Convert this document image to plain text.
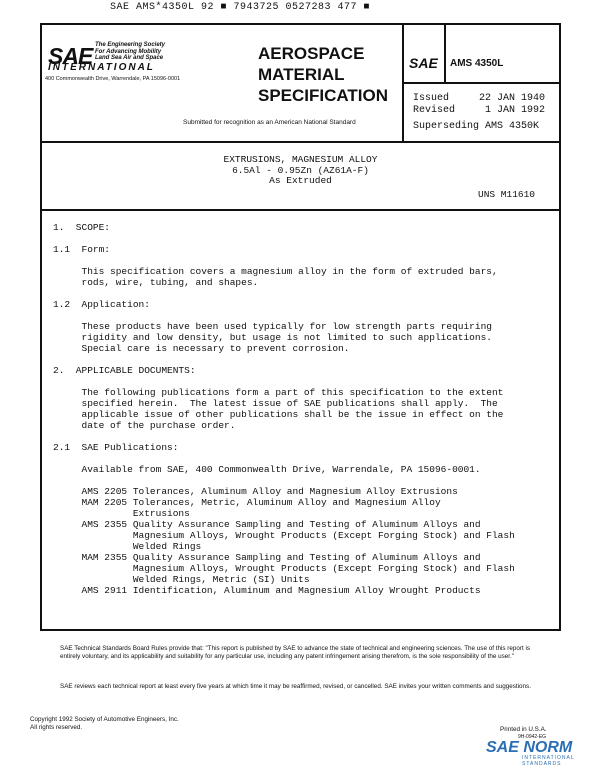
SAE AMS*4350L 92 ■ 7943725 0527283 477 ■
SAE The Engineering Society For Advancing Mobility Land Sea Air and Space
INTERNATIONAL
400 Commonwealth Drive, Warrendale, PA 15096-0001
AEROSPACE
MATERIAL
SPECIFICATION
Submitted for recognition as an American National Standard
SAE AMS 4350L
Issued     22 JAN 1940
Revised     1 JAN 1992
Superseding AMS 4350K
EXTRUSIONS, MAGNESIUM ALLOY
6.5Al - 0.95Zn (AZ61A-F)
As Extruded
UNS M11610

1.  SCOPE:

1.1  Form:

This specification covers a magnesium alloy in the form of extruded bars,

rods, wire, tubing, and shapes.

1.2  Application:

These products have been used typically for low strength parts requiring

rigidity and low density, but usage is not limited to such applications.

Special care is necessary to prevent corrosion.

2.  APPLICABLE DOCUMENTS:

The following publications form a part of this specification to the extent

specified herein.  The latest issue of SAE publications shall apply.  The

applicable issue of other publications shall be the issue in effect on the

date of the purchase order.

2.1  SAE Publications:

Available from SAE, 400 Commonwealth Drive, Warrendale, PA 15096-0001.

AMS 2205 Tolerances, Aluminum Alloy and Magnesium Alloy Extrusions

MAM 2205 Tolerances, Metric, Aluminum Alloy and Magnesium Alloy

Extrusions

AMS 2355 Quality Assurance Sampling and Testing of Aluminum Alloys and

Magnesium Alloys, Wrought Products (Except Forging Stock) and Flash

Welded Rings

MAM 2355 Quality Assurance Sampling and Testing of Aluminum Alloys and

Magnesium Alloys, Wrought Products (Except Forging Stock) and Flash

Welded Rings, Metric (SI) Units

AMS 2911 Identification, Aluminum and Magnesium Alloy Wrought Products

SAE Technical Standards Board Rules provide that: "This report is published by SAE to advance the state of technical and engineering sciences. The use of this report is entirely voluntary, and its applicability and suitability for any particular use, including any patent infringement arising therefrom, is the sole responsibility of the user."
SAE reviews each technical report at least every five years at which time it may be reaffirmed, revised, or cancelled. SAE invites your written comments and suggestions.
Copyright 1992 Society of Automotive Engineers, Inc.
All rights reserved.	Printed in U.S.A.
9H-0942-EG
SAE NORM
INTERNATIONAL STANDARDS
